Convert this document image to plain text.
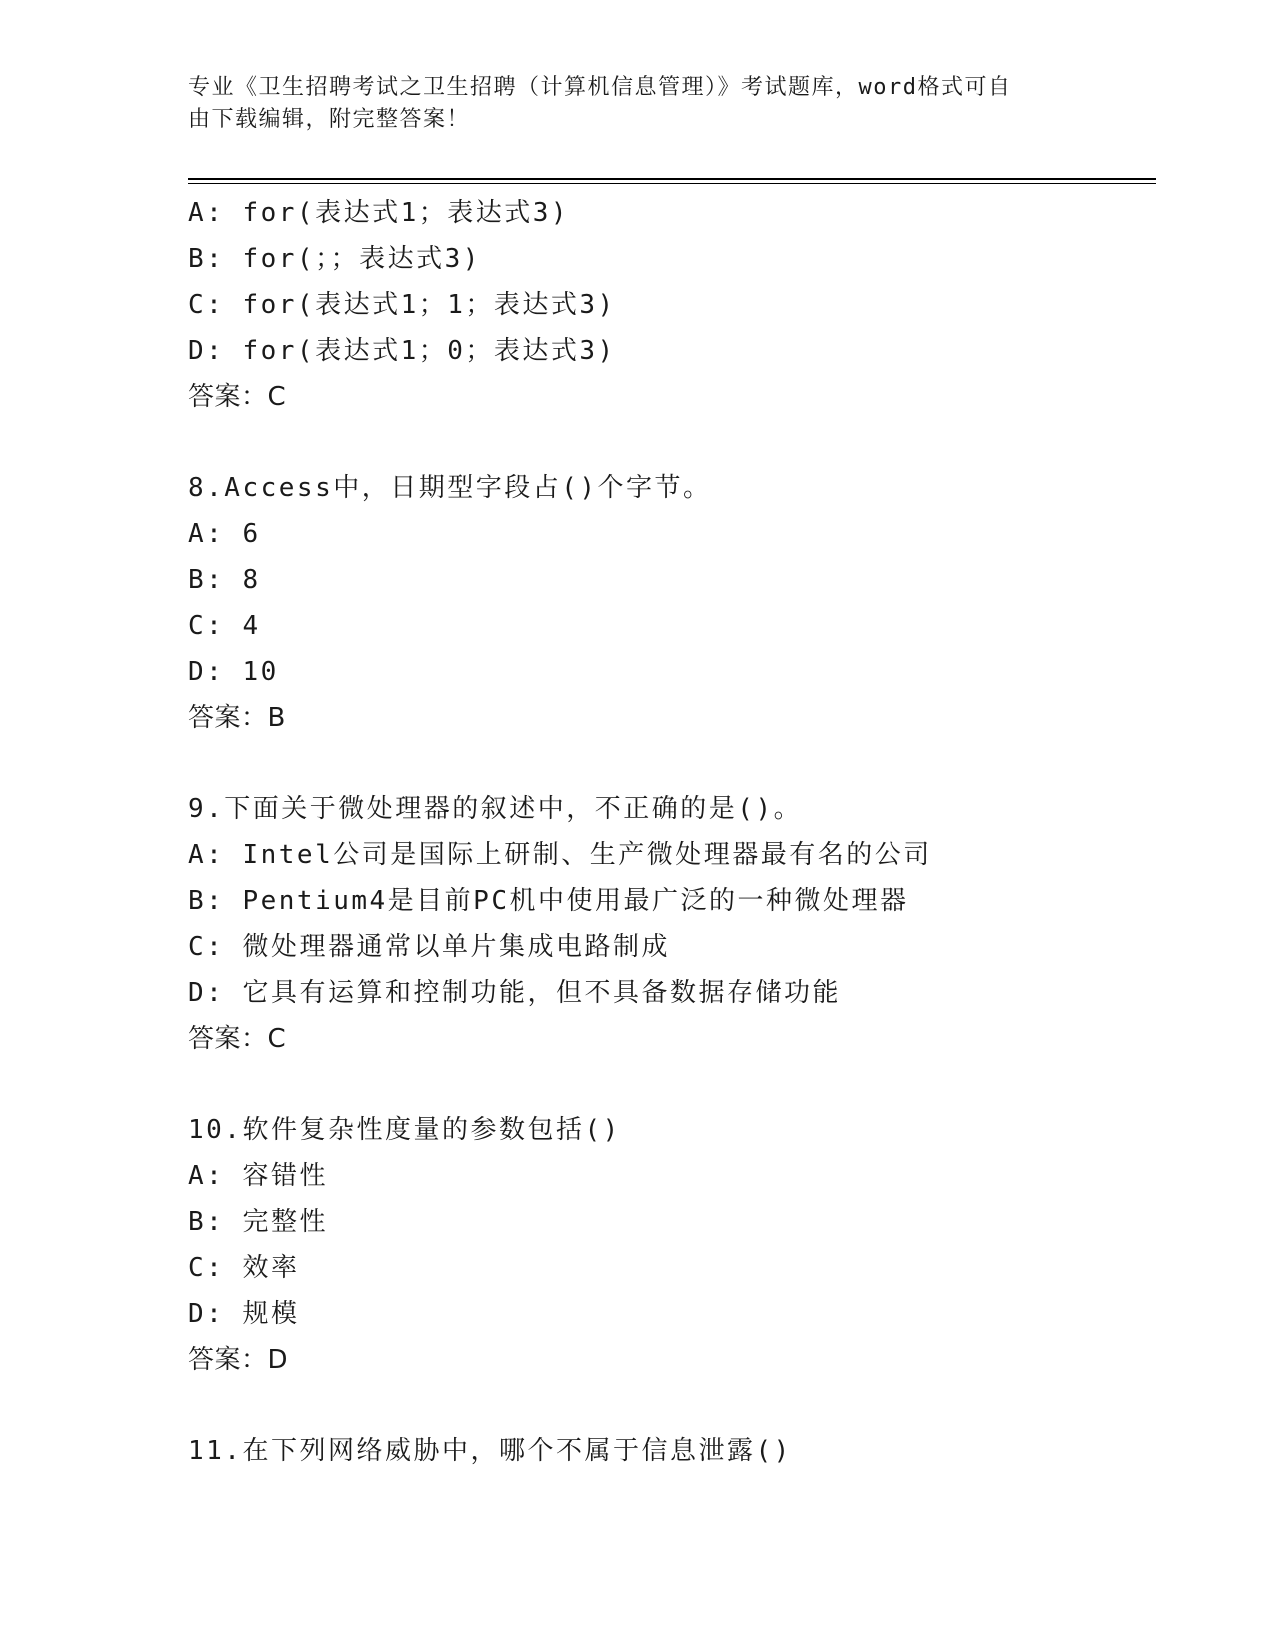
专业《卫生招聘考试之卫生招聘（计算机信息管理）》考试题库，word格式可自
由下载编辑，附完整答案！
A: for(表达式1；表达式3)
B: for(；；表达式3)
C: for(表达式1；1；表达式3)
D: for(表达式1；0；表达式3)
答案：C
8.Access中，日期型字段占()个字节。
A: 6
B: 8
C: 4
D: 10
答案：B
9.下面关于微处理器的叙述中，不正确的是()。
A: Intel公司是国际上研制、生产微处理器最有名的公司
B: Pentium4是目前PC机中使用最广泛的一种微处理器
C: 微处理器通常以单片集成电路制成
D: 它具有运算和控制功能，但不具备数据存储功能
答案：C
10.软件复杂性度量的参数包括()
A: 容错性
B: 完整性
C: 效率
D: 规模
答案：D
11.在下列网络威胁中，哪个不属于信息泄露()
